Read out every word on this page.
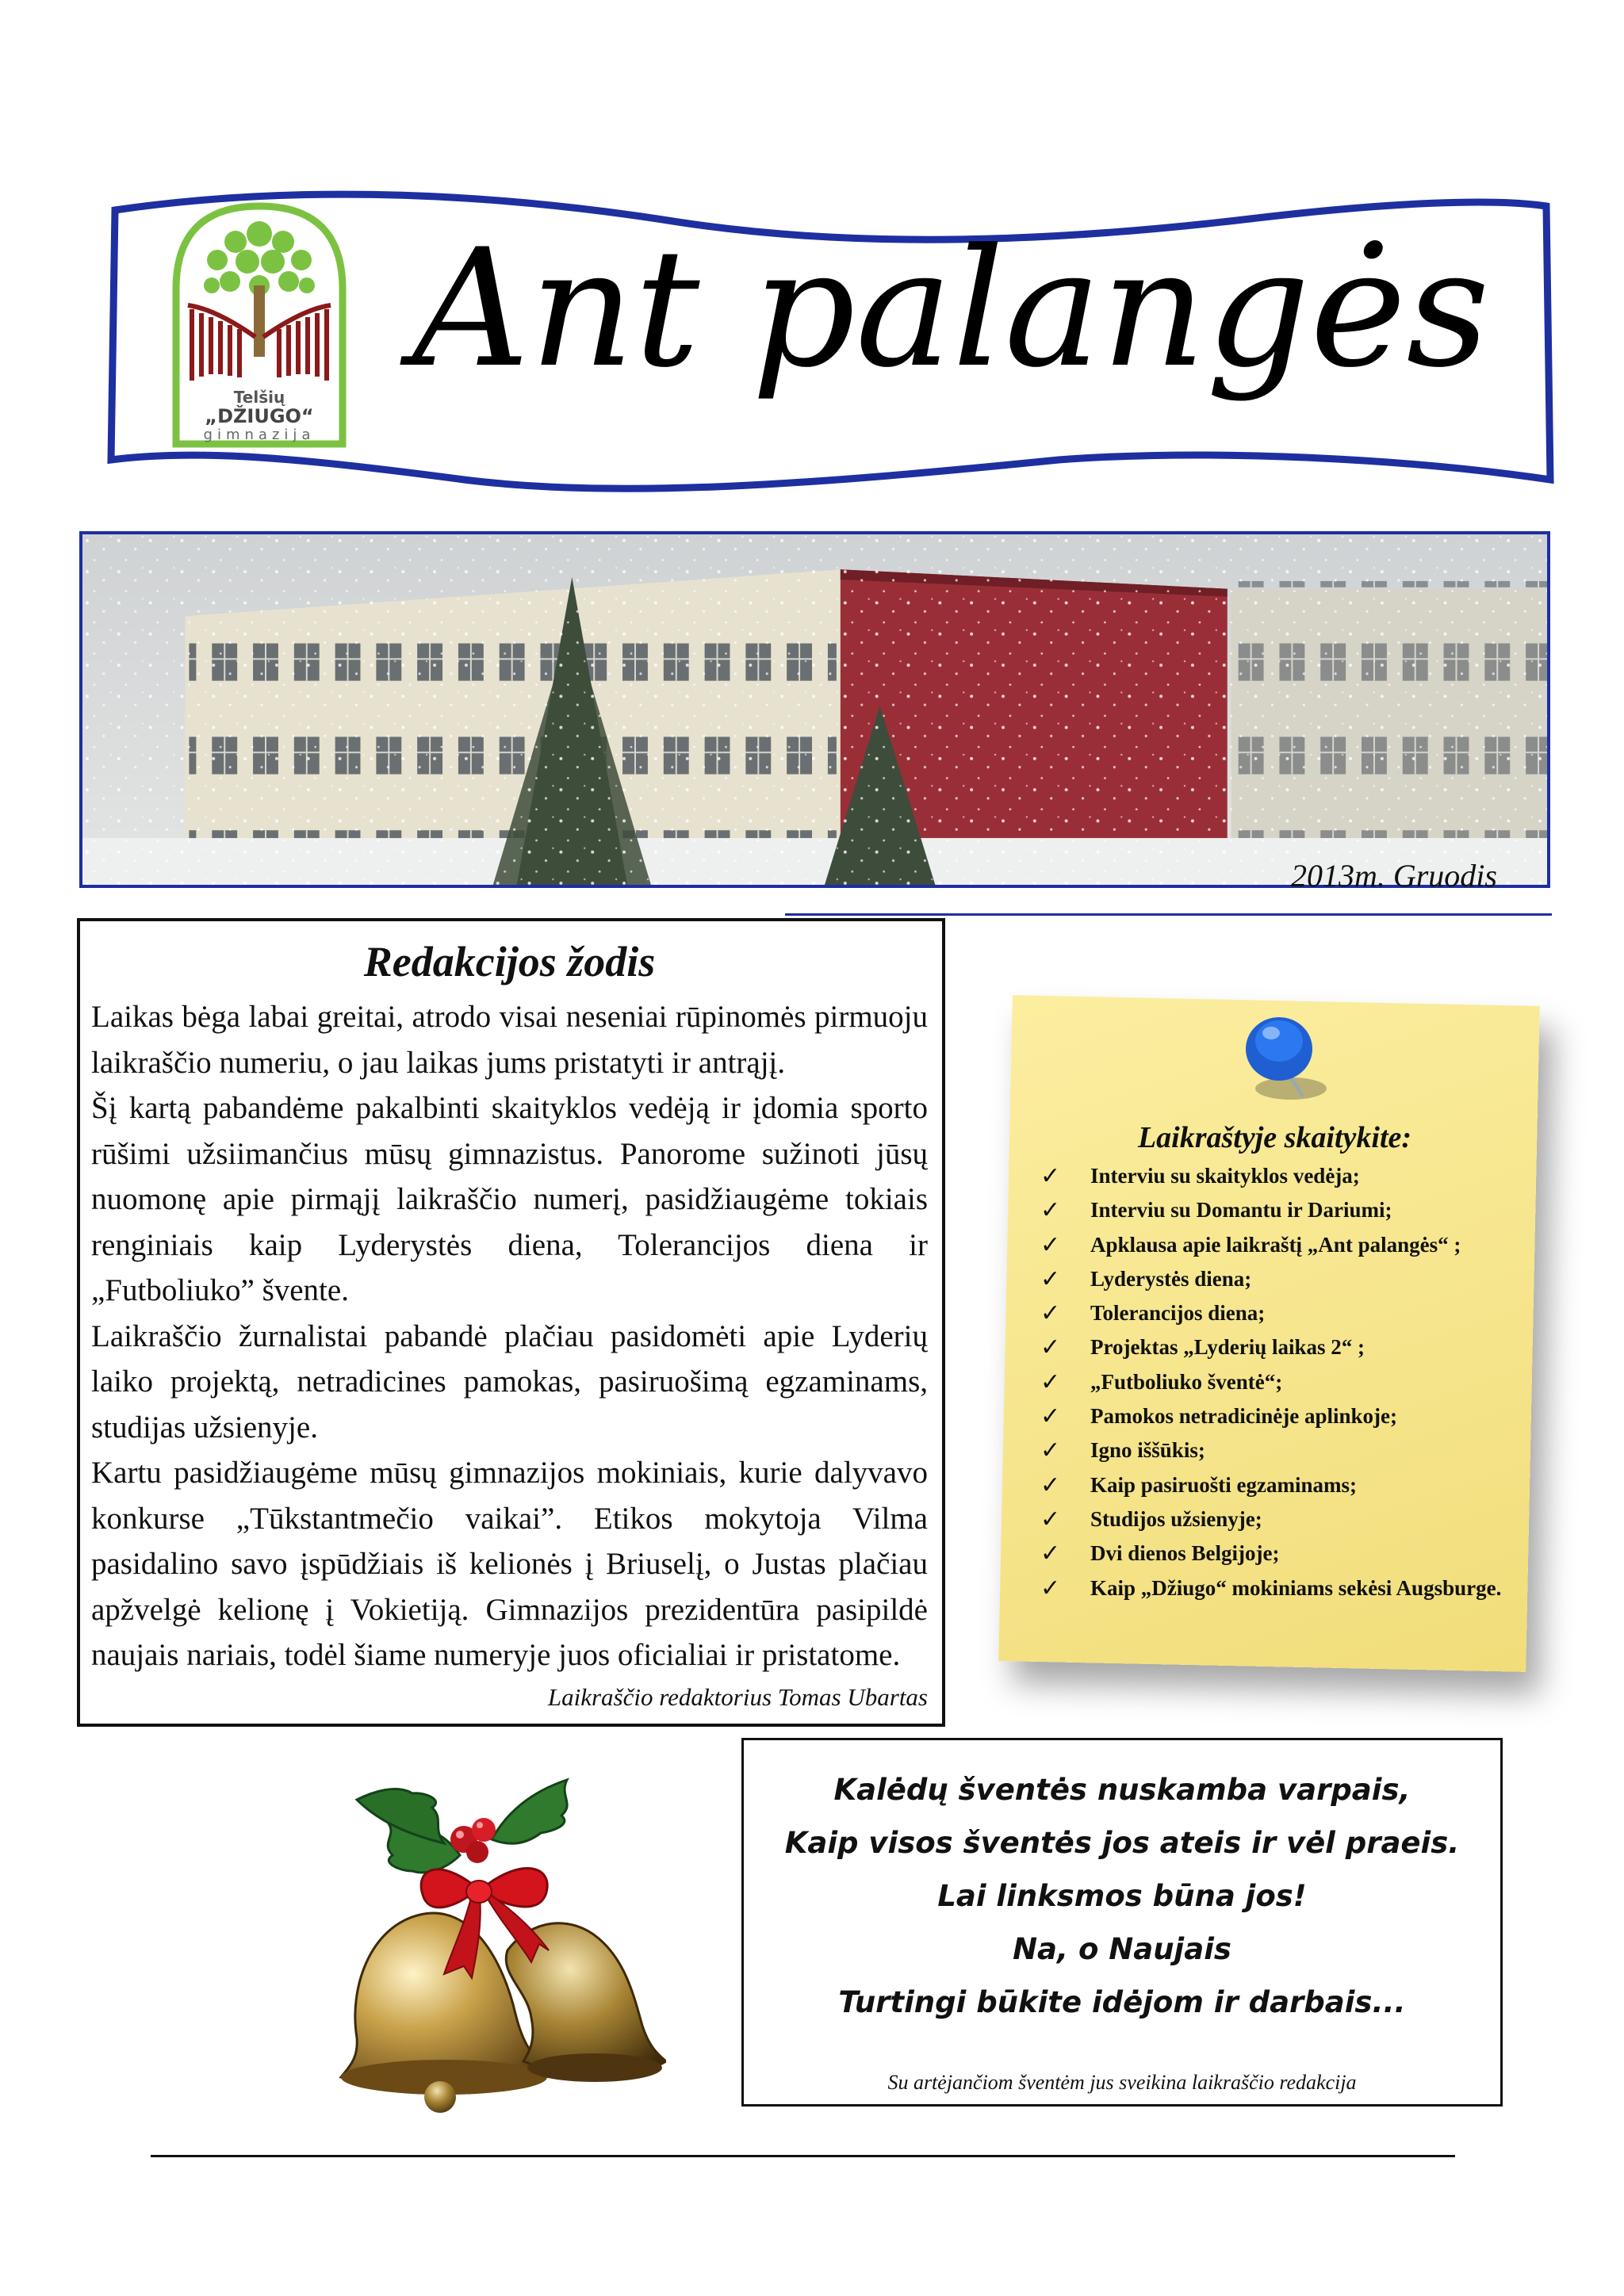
Telšių
„DŽIUGO“
gimnazija
Ant palangės
2013m. Gruodis
Redakcijos žodis

Laikas bėga labai greitai, atrodo visai neseniai rūpinomės pirmuoju laikraščio numeriu, o jau laikas jums pristatyti ir antrąjį.

Šį kartą pabandėme pakalbinti skaityklos vedėją ir įdomia sporto rūšimi užsiimančius mūsų gimnazistus. Panorome sužinoti jūsų nuomonę apie pirmąjį laikraščio numerį, pasidžiaugėme tokiais renginiais kaip Lyderystės diena, Tolerancijos diena ir „Futboliuko” švente.

Laikraščio žurnalistai pabandė plačiau pasidomėti apie Lyderių laiko projektą, netradicines pamokas, pasiruošimą egzaminams, studijas užsienyje.

Kartu pasidžiaugėme mūsų gimnazijos mokiniais, kurie dalyvavo konkurse „Tūkstantmečio vaikai”. Etikos mokytoja Vilma pasidalino savo įspūdžiais iš kelionės į Briuselį, o Justas plačiau apžvelgė kelionę į Vokietiją. Gimnazijos prezidentūra pasipildė naujais nariais, todėl šiame numeryje juos oficialiai ir pristatome.

Laikraščio redaktorius Tomas Ubartas
Laikraštyje skaitykite:
✓ Interviu su skaityklos vedėja;
✓ Interviu su Domantu ir Dariumi;
✓ Apklausa apie laikraštį „Ant palangės“ ;
✓ Lyderystės diena;
✓ Tolerancijos diena;
✓ Projektas „Lyderių laikas 2“ ;
✓ „Futboliuko šventė“;
✓ Pamokos netradicinėje aplinkoje;
✓ Igno iššūkis;
✓ Kaip pasiruošti egzaminams;
✓ Studijos užsienyje;
✓ Dvi dienos Belgijoje;
✓ Kaip „Džiugo“ mokiniams sekėsi Augsburge.
Kalėdų šventės nuskamba varpais,
Kaip visos šventės jos ateis ir vėl praeis.
Lai linksmos būna jos!
Na, o Naujais
Turtingi būkite idėjom ir darbais...
Su artėjančiom šventėm jus sveikina laikraščio redakcija
